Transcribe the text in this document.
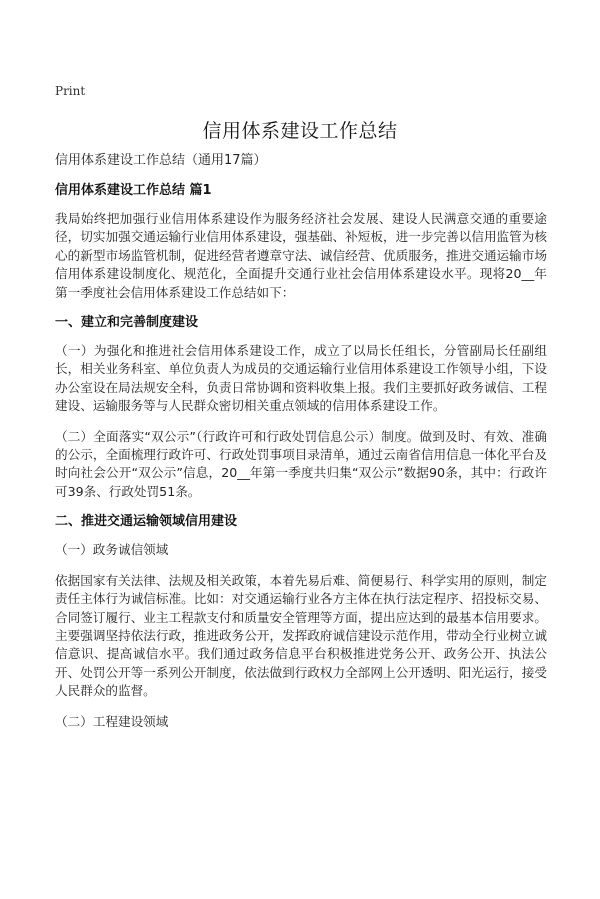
Print
信用体系建设工作总结

信用体系建设工作总结（通用17篇）

信用体系建设工作总结 篇1

我局始终把加强行业信用体系建设作为服务经济社会发展、建设人民满意交通的重要途径，切实加强交通运输行业信用体系建设，强基础、补短板，进一步完善以信用监管为核心的新型市场监管机制，促进经营者遵章守法、诚信经营、优质服务，推进交通运输市场信用体系建设制度化、规范化，全面提升交通行业社会信用体系建设水平。现将20__年第一季度社会信用体系建设工作总结如下：

一、建立和完善制度建设

（一）为强化和推进社会信用体系建设工作，成立了以局长任组长，分管副局长任副组长，相关业务科室、单位负责人为成员的交通运输行业信用体系建设工作领导小组，下设办公室设在局法规安全科，负责日常协调和资料收集上报。我们主要抓好政务诚信、工程建设、运输服务等与人民群众密切相关重点领域的信用体系建设工作。

（二）全面落实“双公示”（行政许可和行政处罚信息公示）制度。做到及时、有效、准确的公示，全面梳理行政许可、行政处罚事项目录清单，通过云南省信用信息一体化平台及时向社会公开“双公示”信息，20__年第一季度共归集“双公示”数据90条，其中：行政许可39条、行政处罚51条。

二、推进交通运输领域信用建设

（一）政务诚信领域

依据国家有关法律、法规及相关政策，本着先易后难、简便易行、科学实用的原则，制定责任主体行为诚信标准。比如：对交通运输行业各方主体在执行法定程序、招投标交易、合同签订履行、业主工程款支付和质量安全管理等方面，提出应达到的最基本信用要求。主要强调坚持依法行政，推进政务公开，发挥政府诚信建设示范作用，带动全行业树立诚信意识、提高诚信水平。我们通过政务信息平台积极推进党务公开、政务公开、执法公开、处罚公开等一系列公开制度，依法做到行政权力全部网上公开透明、阳光运行，接受人民群众的监督。

（二）工程建设领域
